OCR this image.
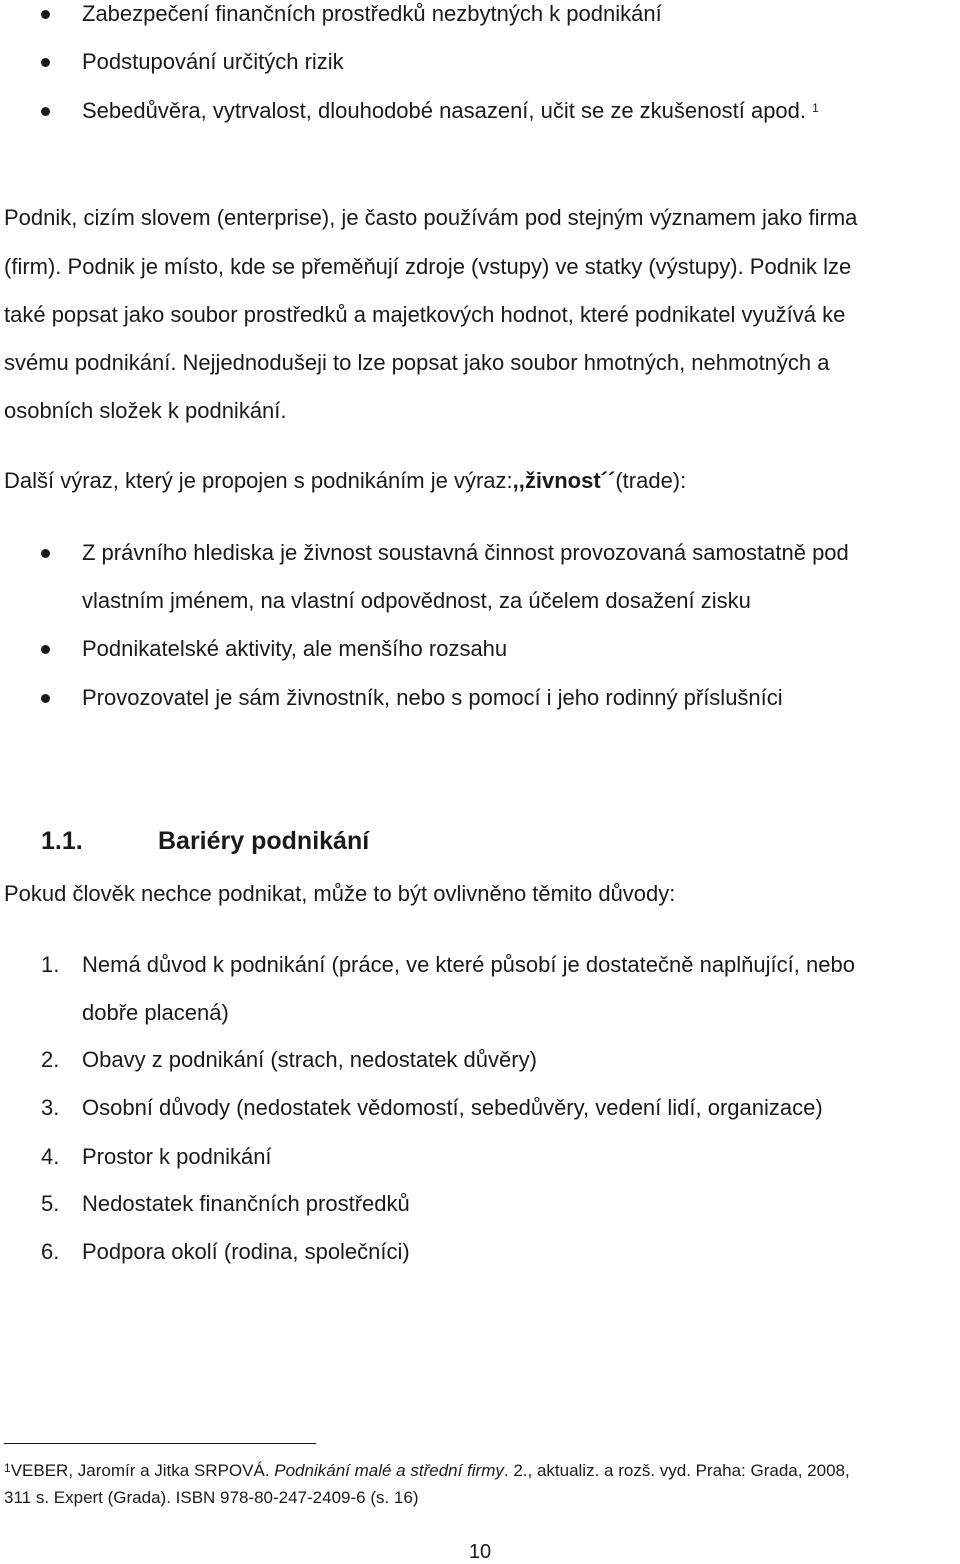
Zabezpečení finančních prostředků nezbytných k podnikání
Podstupování určitých rizik
Sebedůvěra, vytrvalost, dlouhodobé nasazení, učit se ze zkušeností apod. $^1$
Podnik, cizím slovem (enterprise), je často používám pod stejným významem jako firma
(firm). Podnik je místo, kde se přeměňují zdroje (vstupy) ve statky (výstupy). Podnik lze
také popsat jako soubor prostředků a majetkových hodnot, které podnikatel využívá ke
svému podnikání. Nejjednodušeji to lze popsat jako soubor hmotných, nehmotných a
osobních složek k podnikání.
Další výraz, který je propojen s podnikáním je výraz:,,živnost´´(trade):
Z právního hlediska je živnost soustavná činnost provozovaná samostatně pod
vlastním jménem, na vlastní odpovědnost, za účelem dosažení zisku
Podnikatelské aktivity, ale menšího rozsahu
Provozovatel je sám živnostník, nebo s pomocí i jeho rodinný příslušníci
1.1.	Bariéry podnikání
Pokud člověk nechce podnikat, může to být ovlivněno těmito důvody:
1. Nemá důvod k podnikání (práce, ve které působí je dostatečně naplňující, nebo
dobře placená)
2. Obavy z podnikání (strach, nedostatek důvěry)
3. Osobní důvody (nedostatek vědomostí, sebedůvěry, vedení lidí, organizace)
4. Prostor k podnikání
5. Nedostatek finančních prostředků
6. Podpora okolí (rodina, společníci)
$^1$VEBER, Jaromír a Jitka SRPOVÁ. Podnikání malé a střední firmy. 2., aktualiz. a rozš. vyd. Praha: Grada, 2008,
311 s. Expert (Grada). ISBN 978-80-247-2409-6 (s. 16)
10
